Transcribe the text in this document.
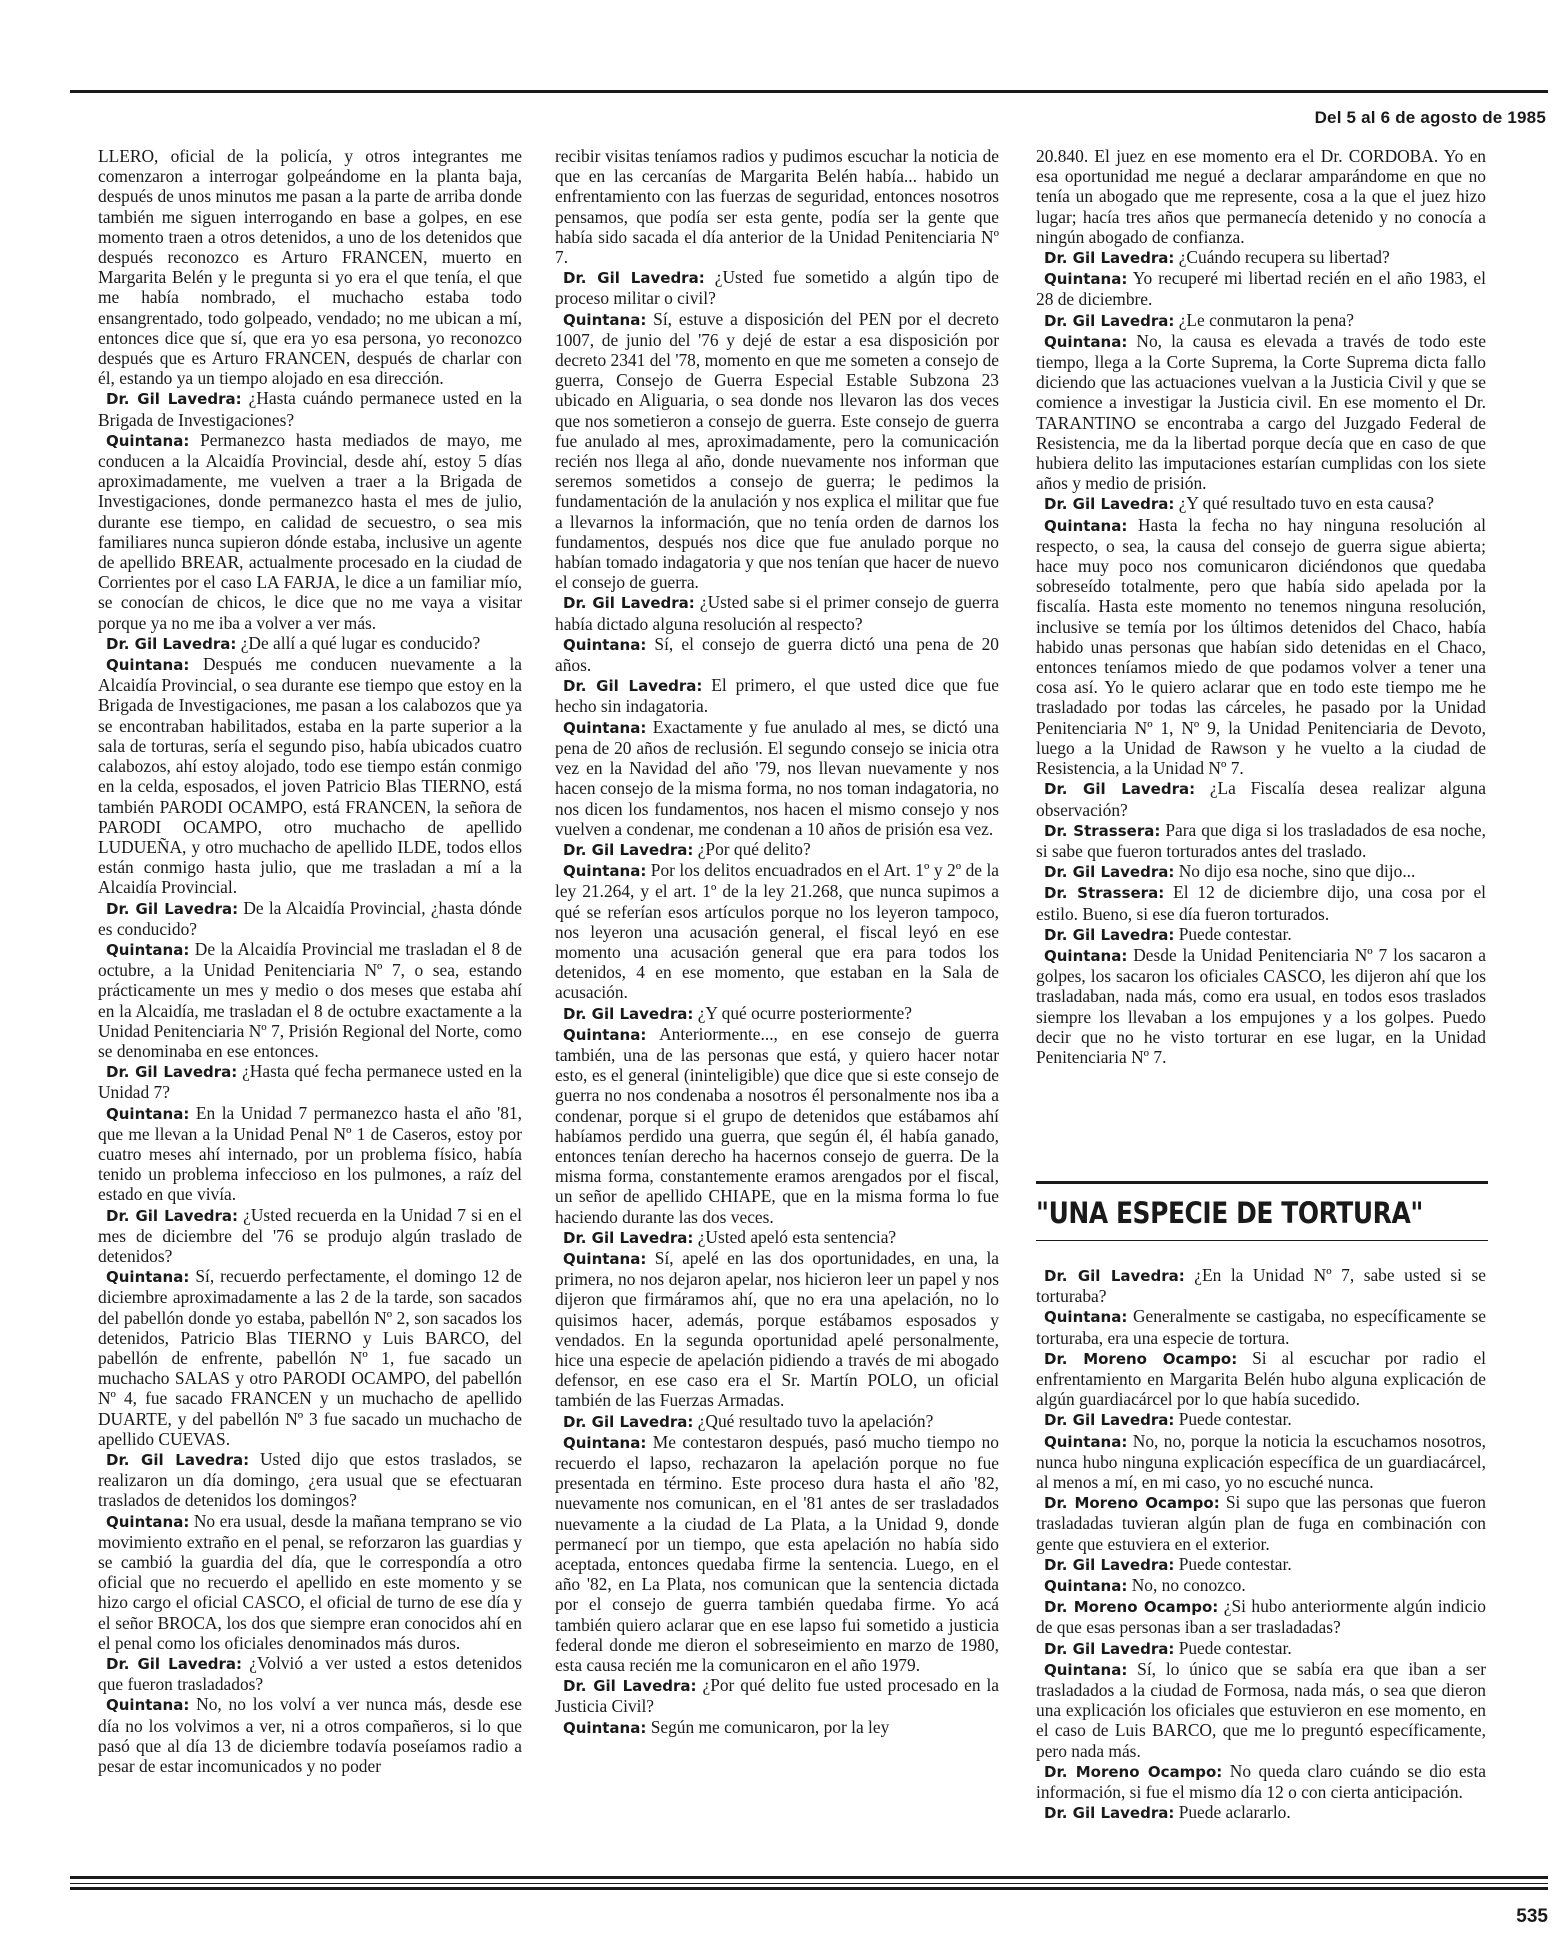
Del 5 al 6 de agosto de 1985

LLERO, oficial de la policía, y otros integrantes me comenzaron a interrogar golpeándome en la planta baja, después de unos minutos me pasan a la parte de arriba donde también me siguen interrogando en base a golpes, en ese momento traen a otros detenidos, a uno de los detenidos que después reconozco es Arturo FRANCEN, muerto en Margarita Belén y le pregunta si yo era el que tenía, el que me había nombrado, el muchacho estaba todo ensangrentado, todo golpeado, vendado; no me ubican a mí, entonces dice que sí, que era yo esa persona, yo reconozco después que es Arturo FRANCEN, después de charlar con él, estando ya un tiempo alojado en esa dirección.

Dr. Gil Lavedra: ¿Hasta cuándo permanece usted en la Brigada de Investigaciones?

Quintana: Permanezco hasta mediados de mayo, me conducen a la Alcaidía Provincial, desde ahí, estoy 5 días aproximadamente, me vuelven a traer a la Brigada de Investigaciones, donde permanezco hasta el mes de julio, durante ese tiempo, en calidad de secuestro, o sea mis familiares nunca supieron dónde estaba, inclusive un agente de apellido BREAR, actualmente procesado en la ciudad de Corrientes por el caso LA FARJA, le dice a un familiar mío, se conocían de chicos, le dice que no me vaya a visitar porque ya no me iba a volver a ver más.

Dr. Gil Lavedra: ¿De allí a qué lugar es conducido?

Quintana: Después me conducen nuevamente a la Alcaidía Provincial, o sea durante ese tiempo que estoy en la Brigada de Investigaciones, me pasan a los calabozos que ya se encontraban habilitados, estaba en la parte superior a la sala de torturas, sería el segundo piso, había ubicados cuatro calabozos, ahí estoy alojado, todo ese tiempo están conmigo en la celda, esposados, el joven Patricio Blas TIERNO, está también PARODI OCAMPO, está FRANCEN, la señora de PARODI OCAMPO, otro muchacho de apellido LUDUEÑA, y otro muchacho de apellido ILDE, todos ellos están conmigo hasta julio, que me trasladan a mí a la Alcaidía Provincial.

Dr. Gil Lavedra: De la Alcaidía Provincial, ¿hasta dónde es conducido?

Quintana: De la Alcaidía Provincial me trasladan el 8 de octubre, a la Unidad Penitenciaria Nº 7, o sea, estando prácticamente un mes y medio o dos meses que estaba ahí en la Alcaidía, me trasladan el 8 de octubre exactamente a la Unidad Penitenciaria Nº 7, Prisión Regional del Norte, como se denominaba en ese entonces.

Dr. Gil Lavedra: ¿Hasta qué fecha permanece usted en la Unidad 7?

Quintana: En la Unidad 7 permanezco hasta el año '81, que me llevan a la Unidad Penal Nº 1 de Caseros, estoy por cuatro meses ahí internado, por un problema físico, había tenido un problema infeccioso en los pulmones, a raíz del estado en que vivía.

Dr. Gil Lavedra: ¿Usted recuerda en la Unidad 7 si en el mes de diciembre del '76 se produjo algún traslado de detenidos?

Quintana: Sí, recuerdo perfectamente, el domingo 12 de diciembre aproximadamente a las 2 de la tarde, son sacados del pabellón donde yo estaba, pabellón Nº 2, son sacados los detenidos, Patricio Blas TIERNO y Luis BARCO, del pabellón de enfrente, pabellón Nº 1, fue sacado un muchacho SALAS y otro PARODI OCAMPO, del pabellón Nº 4, fue sacado FRANCEN y un muchacho de apellido DUARTE, y del pabellón Nº 3 fue sacado un muchacho de apellido CUEVAS.

Dr. Gil Lavedra: Usted dijo que estos traslados, se realizaron un día domingo, ¿era usual que se efectuaran traslados de detenidos los domingos?

Quintana: No era usual, desde la mañana temprano se vio movimiento extraño en el penal, se reforzaron las guardias y se cambió la guardia del día, que le correspondía a otro oficial que no recuerdo el apellido en este momento y se hizo cargo el oficial CASCO, el oficial de turno de ese día y el señor BROCA, los dos que siempre eran conocidos ahí en el penal como los oficiales denominados más duros.

Dr. Gil Lavedra: ¿Volvió a ver usted a estos detenidos que fueron trasladados?

Quintana: No, no los volví a ver nunca más, desde ese día no los volvimos a ver, ni a otros compañeros, si lo que pasó que al día 13 de diciembre todavía poseíamos radio a pesar de estar incomunicados y no poder

recibir visitas teníamos radios y pudimos escuchar la noticia de que en las cercanías de Margarita Belén había... habido un enfrentamiento con las fuerzas de seguridad, entonces nosotros pensamos, que podía ser esta gente, podía ser la gente que había sido sacada el día anterior de la Unidad Penitenciaria Nº 7.

Dr. Gil Lavedra: ¿Usted fue sometido a algún tipo de proceso militar o civil?

Quintana: Sí, estuve a disposición del PEN por el decreto 1007, de junio del '76 y dejé de estar a esa disposición por decreto 2341 del '78, momento en que me someten a consejo de guerra, Consejo de Guerra Especial Estable Subzona 23 ubicado en Aliguaria, o sea donde nos llevaron las dos veces que nos sometieron a consejo de guerra. Este consejo de guerra fue anulado al mes, aproximadamente, pero la comunicación recién nos llega al año, donde nuevamente nos informan que seremos sometidos a consejo de guerra; le pedimos la fundamentación de la anulación y nos explica el militar que fue a llevarnos la información, que no tenía orden de darnos los fundamentos, después nos dice que fue anulado porque no habían tomado indagatoria y que nos tenían que hacer de nuevo el consejo de guerra.

Dr. Gil Lavedra: ¿Usted sabe si el primer consejo de guerra había dictado alguna resolución al respecto?

Quintana: Sí, el consejo de guerra dictó una pena de 20 años.

Dr. Gil Lavedra: El primero, el que usted dice que fue hecho sin indagatoria.

Quintana: Exactamente y fue anulado al mes, se dictó una pena de 20 años de reclusión. El segundo consejo se inicia otra vez en la Navidad del año '79, nos llevan nuevamente y nos hacen consejo de la misma forma, no nos toman indagatoria, no nos dicen los fundamentos, nos hacen el mismo consejo y nos vuelven a condenar, me condenan a 10 años de prisión esa vez.

Dr. Gil Lavedra: ¿Por qué delito?

Quintana: Por los delitos encuadrados en el Art. 1º y 2º de la ley 21.264, y el art. 1º de la ley 21.268, que nunca supimos a qué se referían esos artículos porque no los leyeron tampoco, nos leyeron una acusación general, el fiscal leyó en ese momento una acusación general que era para todos los detenidos, 4 en ese momento, que estaban en la Sala de acusación.

Dr. Gil Lavedra: ¿Y qué ocurre posteriormente?

Quintana: Anteriormente..., en ese consejo de guerra también, una de las personas que está, y quiero hacer notar esto, es el general (ininteligible) que dice que si este consejo de guerra no nos condenaba a nosotros él personalmente nos iba a condenar, porque si el grupo de detenidos que estábamos ahí habíamos perdido una guerra, que según él, él había ganado, entonces tenían derecho ha hacernos consejo de guerra. De la misma forma, constantemente eramos arengados por el fiscal, un señor de apellido CHIAPE, que en la misma forma lo fue haciendo durante las dos veces.

Dr. Gil Lavedra: ¿Usted apeló esta sentencia?

Quintana: Sí, apelé en las dos oportunidades, en una, la primera, no nos dejaron apelar, nos hicieron leer un papel y nos dijeron que firmáramos ahí, que no era una apelación, no lo quisimos hacer, además, porque estábamos esposados y vendados. En la segunda oportunidad apelé personalmente, hice una especie de apelación pidiendo a través de mi abogado defensor, en ese caso era el Sr. Martín POLO, un oficial también de las Fuerzas Armadas.

Dr. Gil Lavedra: ¿Qué resultado tuvo la apelación?

Quintana: Me contestaron después, pasó mucho tiempo no recuerdo el lapso, rechazaron la apelación porque no fue presentada en término. Este proceso dura hasta el año '82, nuevamente nos comunican, en el '81 antes de ser trasladados nuevamente a la ciudad de La Plata, a la Unidad 9, donde permanecí por un tiempo, que esta apelación no había sido aceptada, entonces quedaba firme la sentencia. Luego, en el año '82, en La Plata, nos comunican que la sentencia dictada por el consejo de guerra también quedaba firme. Yo acá también quiero aclarar que en ese lapso fui sometido a justicia federal donde me dieron el sobreseimiento en marzo de 1980, esta causa recién me la comunicaron en el año 1979.

Dr. Gil Lavedra: ¿Por qué delito fue usted procesado en la Justicia Civil?

Quintana: Según me comunicaron, por la ley

20.840. El juez en ese momento era el Dr. CORDOBA. Yo en esa oportunidad me negué a declarar amparándome en que no tenía un abogado que me represente, cosa a la que el juez hizo lugar; hacía tres años que permanecía detenido y no conocía a ningún abogado de confianza.

Dr. Gil Lavedra: ¿Cuándo recupera su libertad?

Quintana: Yo recuperé mi libertad recién en el año 1983, el 28 de diciembre.

Dr. Gil Lavedra: ¿Le conmutaron la pena?

Quintana: No, la causa es elevada a través de todo este tiempo, llega a la Corte Suprema, la Corte Suprema dicta fallo diciendo que las actuaciones vuelvan a la Justicia Civil y que se comience a investigar la Justicia civil. En ese momento el Dr. TARANTINO se encontraba a cargo del Juzgado Federal de Resistencia, me da la libertad porque decía que en caso de que hubiera delito las imputaciones estarían cumplidas con los siete años y medio de prisión.

Dr. Gil Lavedra: ¿Y qué resultado tuvo en esta causa?

Quintana: Hasta la fecha no hay ninguna resolución al respecto, o sea, la causa del consejo de guerra sigue abierta; hace muy poco nos comunicaron diciéndonos que quedaba sobreseído totalmente, pero que había sido apelada por la fiscalía. Hasta este momento no tenemos ninguna resolución, inclusive se temía por los últimos detenidos del Chaco, había habido unas personas que habían sido detenidas en el Chaco, entonces teníamos miedo de que podamos volver a tener una cosa así. Yo le quiero aclarar que en todo este tiempo me he trasladado por todas las cárceles, he pasado por la Unidad Penitenciaria Nº 1, Nº 9, la Unidad Penitenciaria de Devoto, luego a la Unidad de Rawson y he vuelto a la ciudad de Resistencia, a la Unidad Nº 7.

Dr. Gil Lavedra: ¿La Fiscalía desea realizar alguna observación?

Dr. Strassera: Para que diga si los trasladados de esa noche, si sabe que fueron torturados antes del traslado.

Dr. Gil Lavedra: No dijo esa noche, sino que dijo...

Dr. Strassera: El 12 de diciembre dijo, una cosa por el estilo. Bueno, si ese día fueron torturados.

Dr. Gil Lavedra: Puede contestar.

Quintana: Desde la Unidad Penitenciaria Nº 7 los sacaron a golpes, los sacaron los oficiales CASCO, les dijeron ahí que los trasladaban, nada más, como era usual, en todos esos traslados siempre los llevaban a los empujones y a los golpes. Puedo decir que no he visto torturar en ese lugar, en la Unidad Penitenciaria Nº 7.

"UNA ESPECIE DE TORTURA"

Dr. Gil Lavedra: ¿En la Unidad Nº 7, sabe usted si se torturaba?

Quintana: Generalmente se castigaba, no específicamente se torturaba, era una especie de tortura.

Dr. Moreno Ocampo: Si al escuchar por radio el enfrentamiento en Margarita Belén hubo alguna explicación de algún guardiacárcel por lo que había sucedido.

Dr. Gil Lavedra: Puede contestar.

Quintana: No, no, porque la noticia la escuchamos nosotros, nunca hubo ninguna explicación específica de un guardiacárcel, al menos a mí, en mi caso, yo no escuché nunca.

Dr. Moreno Ocampo: Si supo que las personas que fueron trasladadas tuvieran algún plan de fuga en combinación con gente que estuviera en el exterior.

Dr. Gil Lavedra: Puede contestar.

Quintana: No, no conozco.

Dr. Moreno Ocampo: ¿Si hubo anteriormente algún indicio de que esas personas iban a ser trasladadas?

Dr. Gil Lavedra: Puede contestar.

Quintana: Sí, lo único que se sabía era que iban a ser trasladados a la ciudad de Formosa, nada más, o sea que dieron una explicación los oficiales que estuvieron en ese momento, en el caso de Luis BARCO, que me lo preguntó específicamente, pero nada más.

Dr. Moreno Ocampo: No queda claro cuándo se dio esta información, si fue el mismo día 12 o con cierta anticipación.

Dr. Gil Lavedra: Puede aclararlo.

535
